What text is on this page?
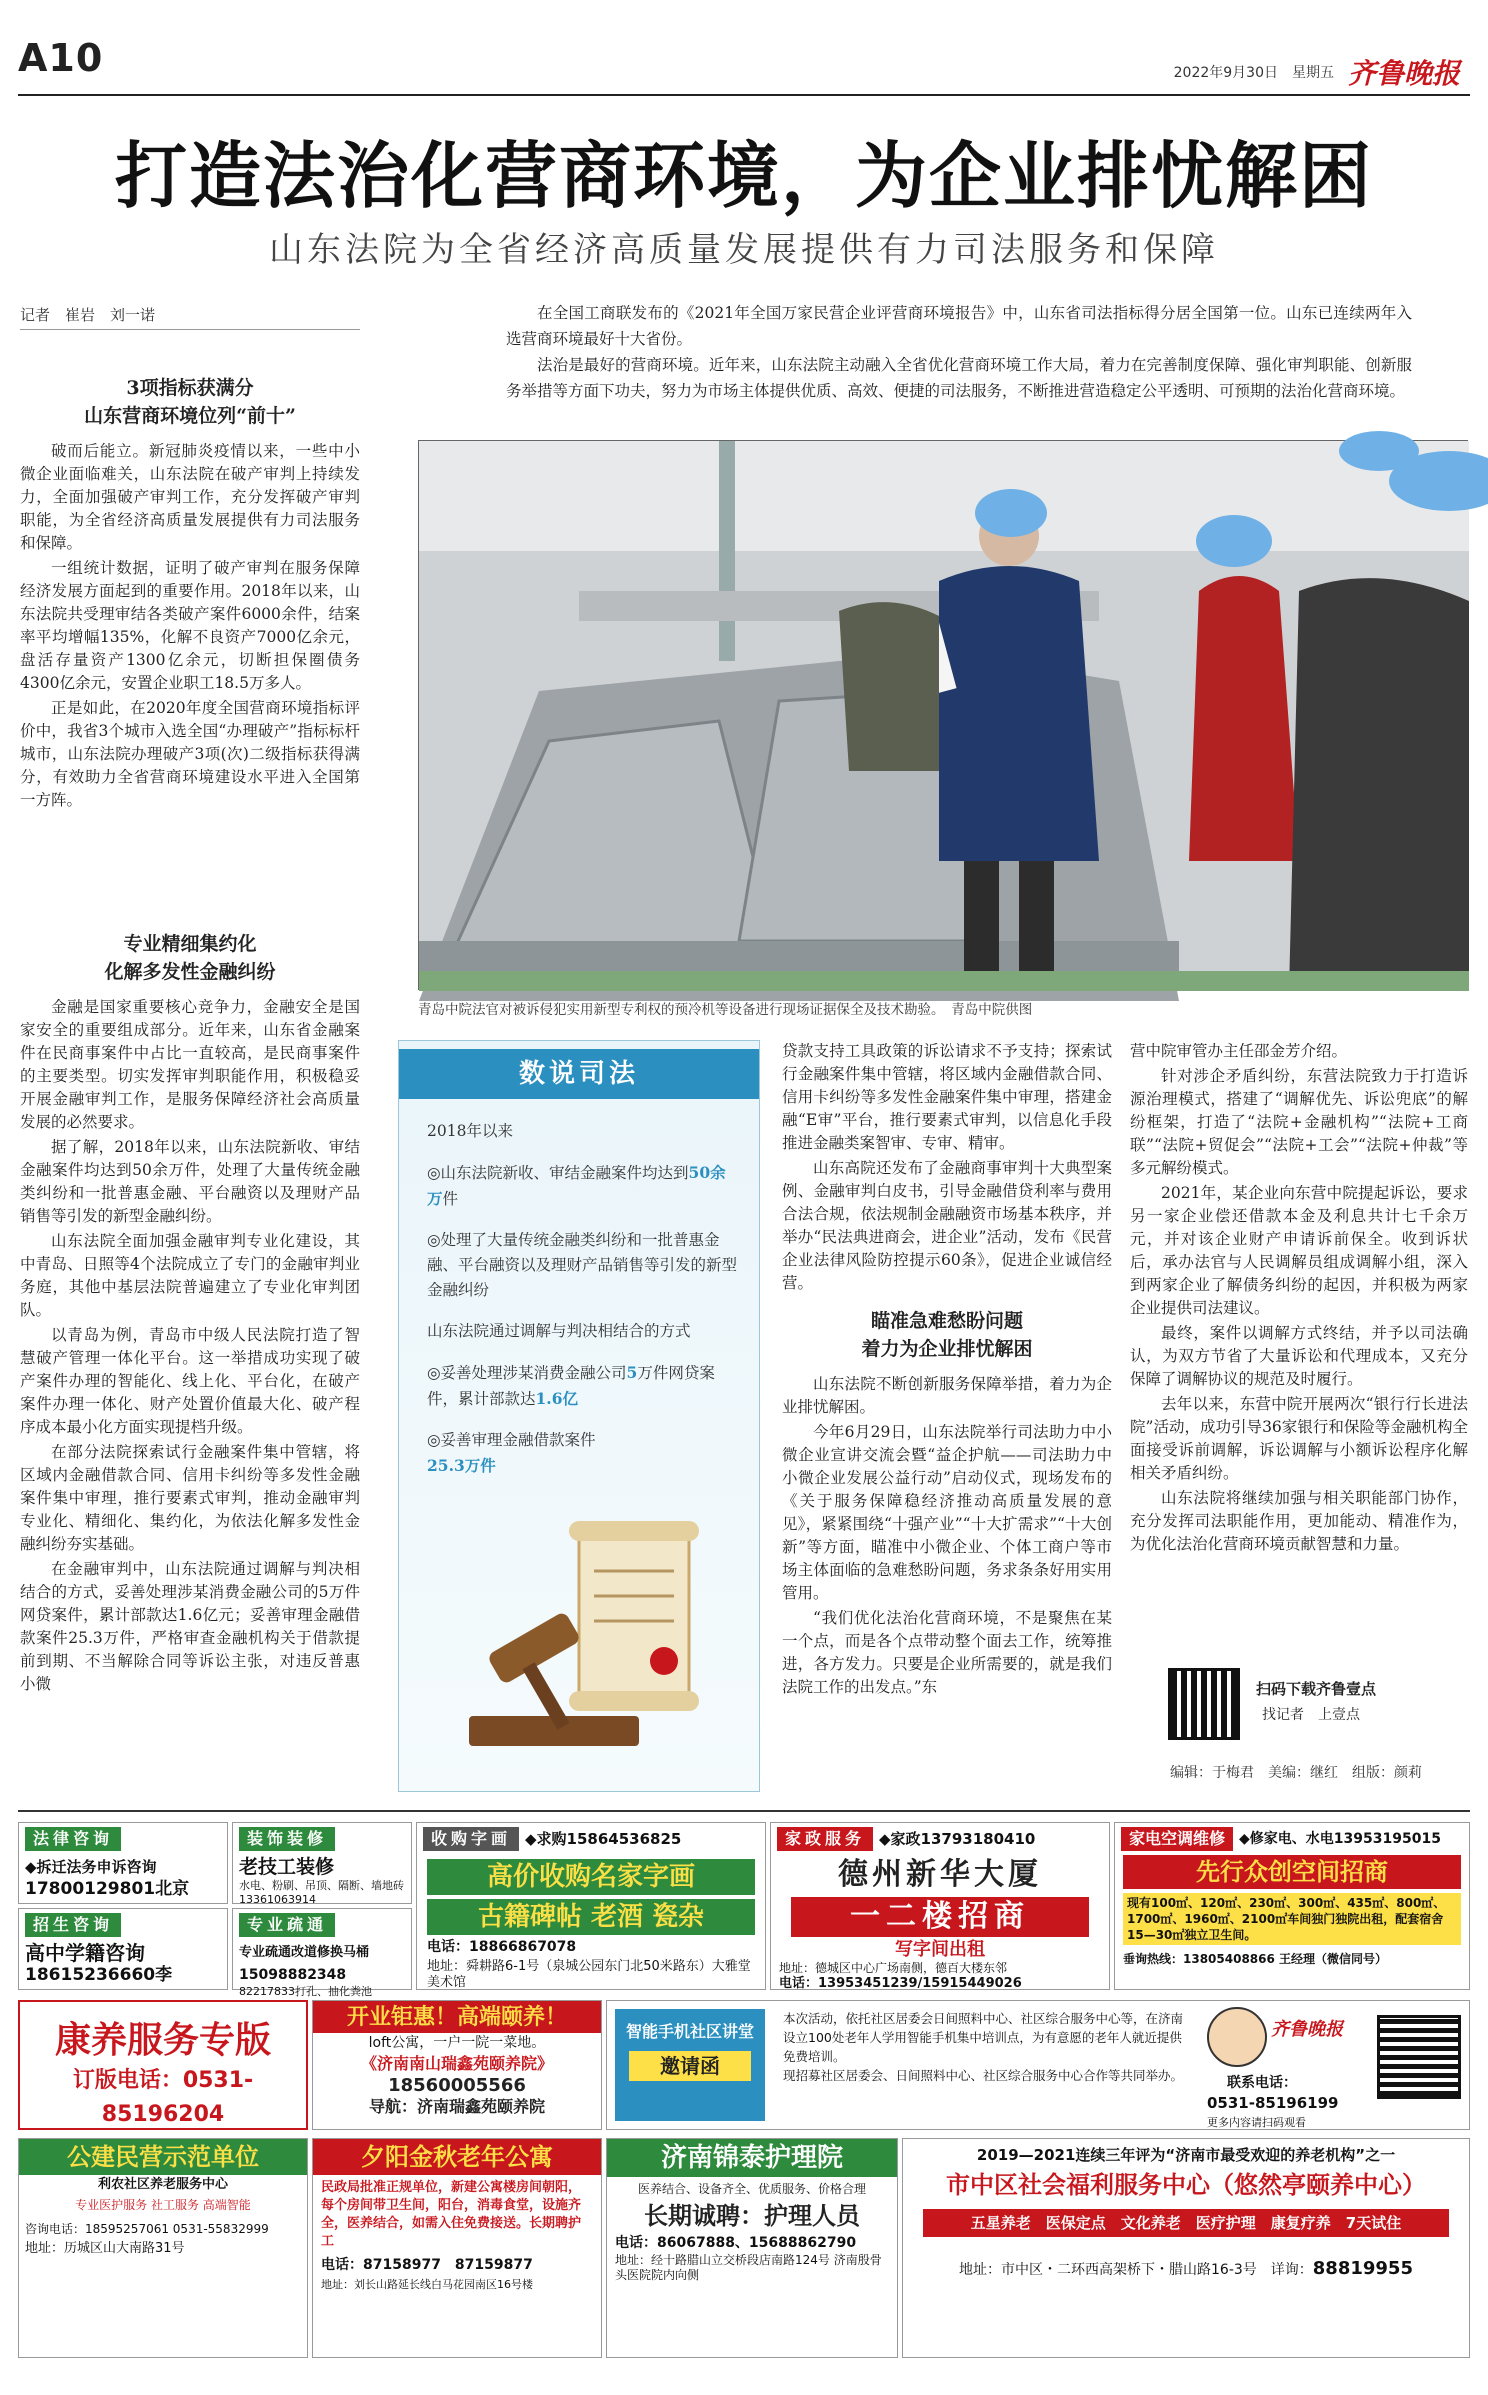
A10	2022年9月30日 星期五 齐鲁晚报
打造法治化营商环境，为企业排忧解困
山东法院为全省经济高质量发展提供有力司法服务和保障
记者　崔岩　刘一诺	在全国工商联发布的《2021年全国万家民营企业评营商环境报告》中，山东省司法指标得分居全国第一位。山东已连续两年入选营商环境最好十大省份。

法治是最好的营商环境。近年来，山东法院主动融入全省优化营商环境工作大局，着力在完善制度保障、强化审判职能、创新服务举措等方面下功夫，努力为市场主体提供优质、高效、便捷的司法服务，不断推进营造稳定公平透明、可预期的法治化营商环境。

3项指标获满分
山东营商环境位列“前十”

破而后能立。新冠肺炎疫情以来，一些中小微企业面临难关，山东法院在破产审判上持续发力，全面加强破产审判工作，充分发挥破产审判职能，为全省经济高质量发展提供有力司法服务和保障。

一组统计数据，证明了破产审判在服务保障经济发展方面起到的重要作用。2018年以来，山东法院共受理审结各类破产案件6000余件，结案率平均增幅135%，化解不良资产7000亿余元，盘活存量资产1300亿余元，切断担保圈债务4300亿余元，安置企业职工18.5万多人。

正是如此，在2020年度全国营商环境指标评价中，我省3个城市入选全国“办理破产”指标标杆城市，山东法院办理破产3项(次)二级指标获得满分，有效助力全省营商环境建设水平进入全国第一方阵。

专业精细集约化
化解多发性金融纠纷

金融是国家重要核心竞争力，金融安全是国家安全的重要组成部分。近年来，山东省金融案件在民商事案件中占比一直较高，是民商事案件的主要类型。切实发挥审判职能作用，积极稳妥开展金融审判工作，是服务保障经济社会高质量发展的必然要求。

据了解，2018年以来，山东法院新收、审结金融案件均达到50余万件，处理了大量传统金融类纠纷和一批普惠金融、平台融资以及理财产品销售等引发的新型金融纠纷。

山东法院全面加强金融审判专业化建设，其中青岛、日照等4个法院成立了专门的金融审判业务庭，其他中基层法院普遍建立了专业化审判团队。

以青岛为例，青岛市中级人民法院打造了智慧破产管理一体化平台。这一举措成功实现了破产案件办理的智能化、线上化、平台化，在破产案件办理一体化、财产处置价值最大化、破产程序成本最小化方面实现提档升级。

在部分法院探索试行金融案件集中管辖，将区域内金融借款合同、信用卡纠纷等多发性金融案件集中审理，推行要素式审判，推动金融审判专业化、精细化、集约化，为依法化解多发性金融纠纷夯实基础。

在金融审判中，山东法院通过调解与判决相结合的方式，妥善处理涉某消费金融公司的5万件网贷案件，累计部款达1.6亿元；妥善审理金融借款案件25.3万件，严格审查金融机构关于借款提前到期、不当解除合同等诉讼主张，对违反普惠小微

青岛中院法官对被诉侵犯实用新型专利权的预冷机等设备进行现场证据保全及技术勘验。　青岛中院供图
数说司法

2018年以来

◎山东法院新收、审结金融案件均达到50余万件

◎处理了大量传统金融类纠纷和一批普惠金融、平台融资以及理财产品销售等引发的新型金融纠纷

山东法院通过调解与判决相结合的方式

◎妥善处理涉某消费金融公司5万件网贷案件，累计部款达1.6亿

◎妥善审理金融借款案件
25.3万件

贷款支持工具政策的诉讼请求不予支持；探索试行金融案件集中管辖，将区域内金融借款合同、信用卡纠纷等多发性金融案件集中审理，搭建金融“E审”平台，推行要素式审判，以信息化手段推进金融类案智审、专审、精审。

山东高院还发布了金融商事审判十大典型案例、金融审判白皮书，引导金融借贷利率与费用合法合规，依法规制金融融资市场基本秩序，并举办“民法典进商会，进企业”活动，发布《民营企业法律风险防控提示60条》，促进企业诚信经营。

瞄准急难愁盼问题
着力为企业排忧解困

山东法院不断创新服务保障举措，着力为企业排忧解困。

今年6月29日，山东法院举行司法助力中小微企业宣讲交流会暨“益企护航——司法助力中小微企业发展公益行动”启动仪式，现场发布的《关于服务保障稳经济推动高质量发展的意见》，紧紧围绕“十强产业”“十大扩需求”“十大创新”等方面，瞄准中小微企业、个体工商户等市场主体面临的急难愁盼问题，务求条条好用实用管用。

“我们优化法治化营商环境，不是聚焦在某一个点，而是各个点带动整个面去工作，统筹推进，各方发力。只要是企业所需要的，就是我们法院工作的出发点。”东

营中院审管办主任邵金芳介绍。

针对涉企矛盾纠纷，东营法院致力于打造诉源治理模式，搭建了“调解优先、诉讼兜底”的解纷框架，打造了“法院+金融机构”“法院+工商联”“法院+贸促会”“法院+工会”“法院+仲裁”等多元解纷模式。

2021年，某企业向东营中院提起诉讼，要求另一家企业偿还借款本金及利息共计七千余万元，并对该企业财产申请诉前保全。收到诉状后，承办法官与人民调解员组成调解小组，深入到两家企业了解债务纠纷的起因，并积极为两家企业提供司法建议。

最终，案件以调解方式终结，并予以司法确认，为双方节省了大量诉讼和代理成本，又充分保障了调解协议的规范及时履行。

去年以来，东营中院开展两次“银行行长进法院”活动，成功引导36家银行和保险等金融机构全面接受诉前调解，诉讼调解与小额诉讼程序化解相关矛盾纠纷。

山东法院将继续加强与相关职能部门协作，充分发挥司法职能作用，更加能动、精准作为，为优化法治化营商环境贡献智慧和力量。

扫码下载齐鲁壹点
找记者　上壹点
编辑：于梅君　美编：继红　组版：颜莉
法律咨询
◆拆迁法务申诉咨询
17800129801北京
装饰装修
老技工装修
水电、粉刷、吊顶、隔断、墙地砖13361063914
招生咨询
高中学籍咨询
18615236660李
专业疏通
专业疏通改道修换马桶
15098882348
82217833打孔、抽化粪池
收购字画 ◆求购15864536825
高价收购名家字画
古籍碑帖 老酒 瓷杂
电话：18866867078
地址：舜耕路6-1号（泉城公园东门北50米路东）大雅堂美术馆
家政服务 ◆家政13793180410
德州新华大厦
一二楼招商
写字间出租
地址：德城区中心广场南侧，德百大楼东邻
电话：13953451239/15915449026
家电空调维修	◆修家电、水电13953195015
先行众创空间招商
现有100㎡、120㎡、230㎡、300㎡、435㎡、800㎡、1700㎡、1960㎡、2100㎡车间独门独院出租，配套宿舍15—30㎡独立卫生间。
垂询热线：13805408866 王经理（微信同号）
康养服务专版
订版电话：0531-85196204
开业钜惠！高端颐养！
loft公寓，一户一院一菜地。
《济南南山瑞鑫苑颐养院》
18560005566
导航：济南瑞鑫苑颐养院
智能手机社区讲堂
邀请函

本次活动，依托社区居委会日间照料中心、社区综合服务中心等，在济南设立100处老年人学用智能手机集中培训点，为有意愿的老年人就近提供免费培训。

现招募社区居委会、日间照料中心、社区综合服务中心合作等共同举办。

齐鲁晚报
联系电话：
0531-85196199
更多内容请扫码观看
公建民营示范单位
利农社区养老服务中心
专业医护服务 社工服务 高端智能
咨询电话：18595257061 0531-55832999
地址：历城区山大南路31号
夕阳金秋老年公寓
民政局批准正规单位，新建公寓楼房间朝阳，每个房间带卫生间，阳台，消毒食堂，设施齐全，医养结合，如需入住免费接送。长期聘护工
电话：87158977　87159877
地址：刘长山路延长线白马花园南区16号楼
济南锦泰护理院
医养结合、设备齐全、优质服务、价格合理
长期诚聘：护理人员
电话：86067888、15688862790
地址：经十路腊山立交桥段店南路124号 济南殷骨头医院院内向侧
2019—2021连续三年评为“济南市最受欢迎的养老机构”之一
市中区社会福利服务中心（悠然亭颐养中心）
五星养老　医保定点　文化养老　医疗护理　康复疗养　7天试住
地址：市中区・二环西高架桥下・腊山路16-3号　详询：88819955
